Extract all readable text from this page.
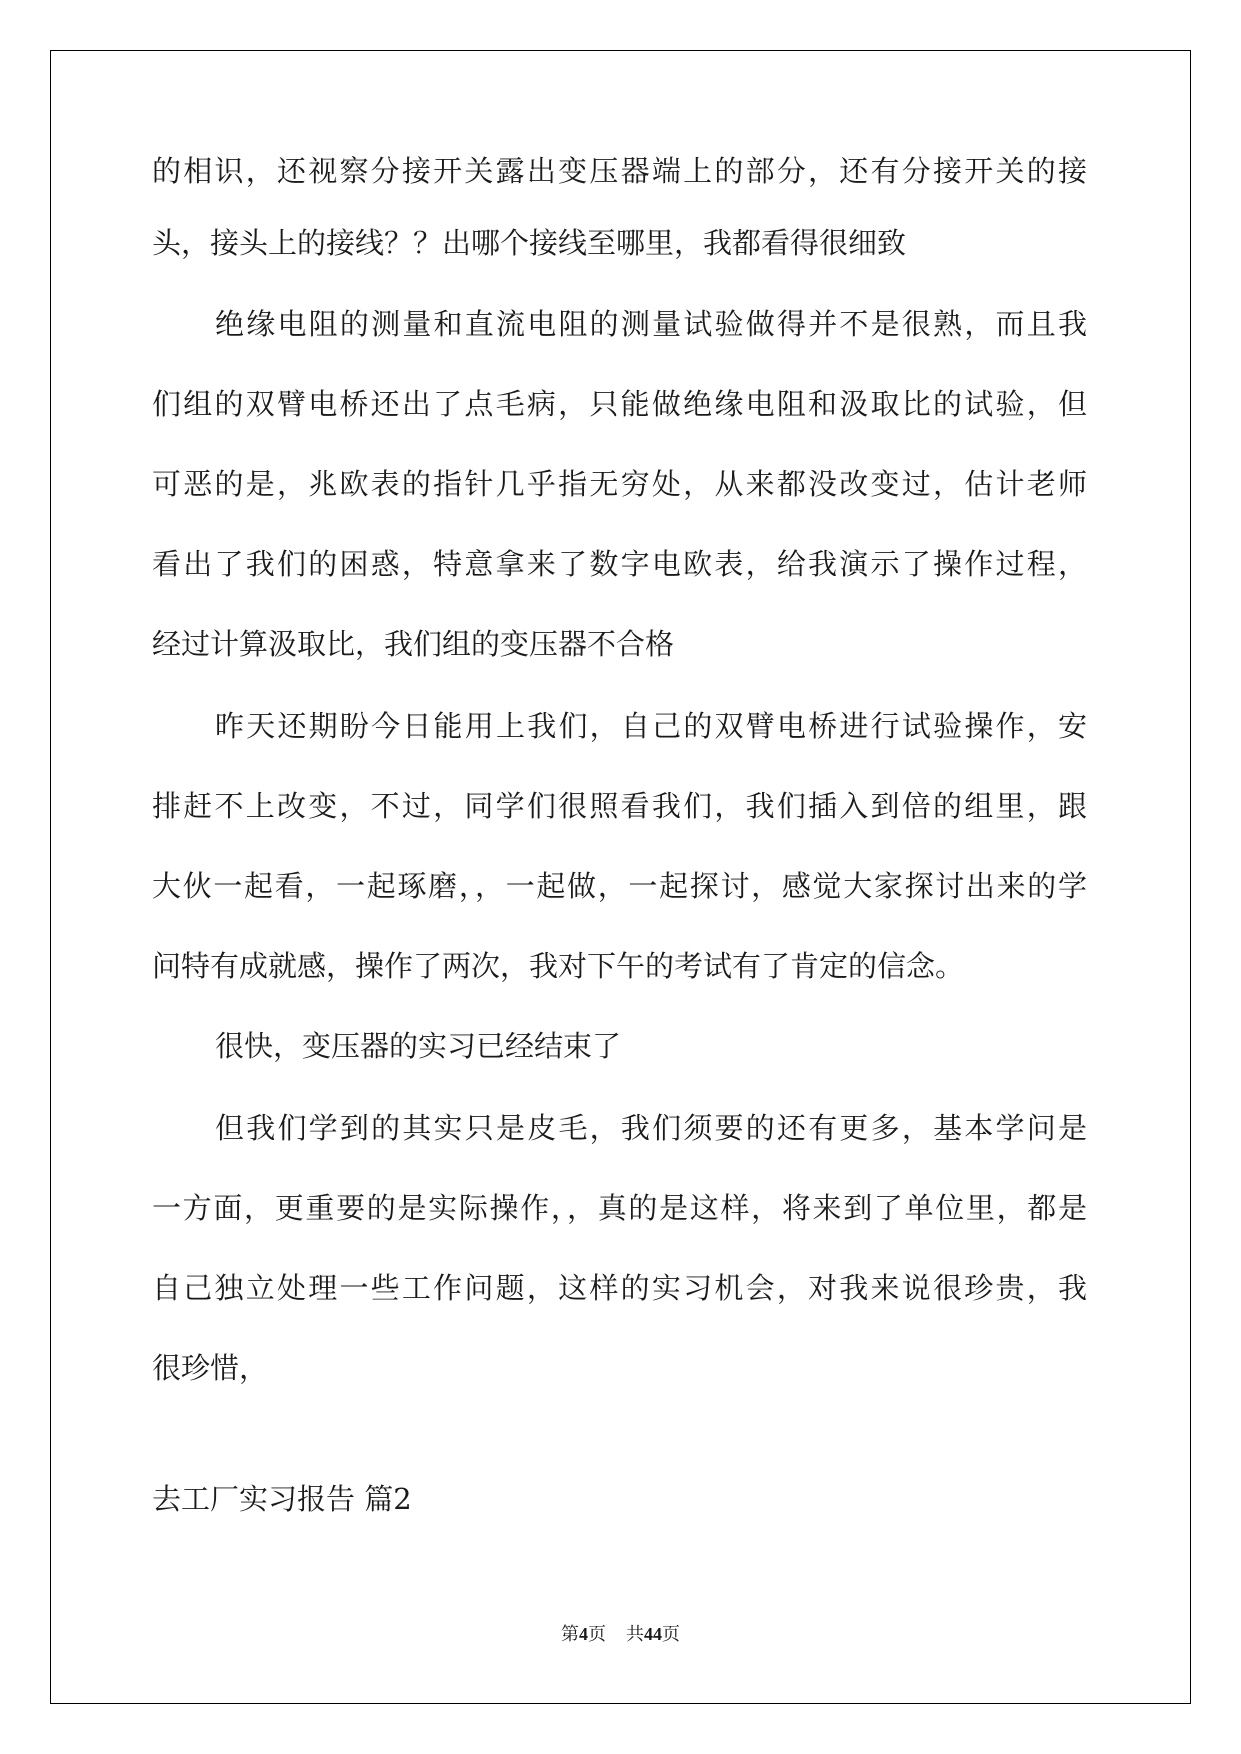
的相识，还视察分接开关露出变压器端上的部分，还有分接开关的接
头，接头上的接线？？出哪个接线至哪里，我都看得很细致
绝缘电阻的测量和直流电阻的测量试验做得并不是很熟，而且我
们组的双臂电桥还出了点毛病，只能做绝缘电阻和汲取比的试验，但
可恶的是，兆欧表的指针几乎指无穷处，从来都没改变过，估计老师
看出了我们的困惑，特意拿来了数字电欧表，给我演示了操作过程，
经过计算汲取比，我们组的变压器不合格
昨天还期盼今日能用上我们，自己的双臂电桥进行试验操作，安
排赶不上改变，不过，同学们很照看我们，我们插入到倍的组里，跟
大伙一起看，一起琢磨，，一起做，一起探讨，感觉大家探讨出来的学
问特有成就感，操作了两次，我对下午的考试有了肯定的信念。
很快，变压器的实习已经结束了
但我们学到的其实只是皮毛，我们须要的还有更多，基本学问是
一方面，更重要的是实际操作，，真的是这样，将来到了单位里，都是
自己独立处理一些工作问题，这样的实习机会，对我来说很珍贵，我
很珍惜，
去工厂实习报告 篇2
第4页 共44页
